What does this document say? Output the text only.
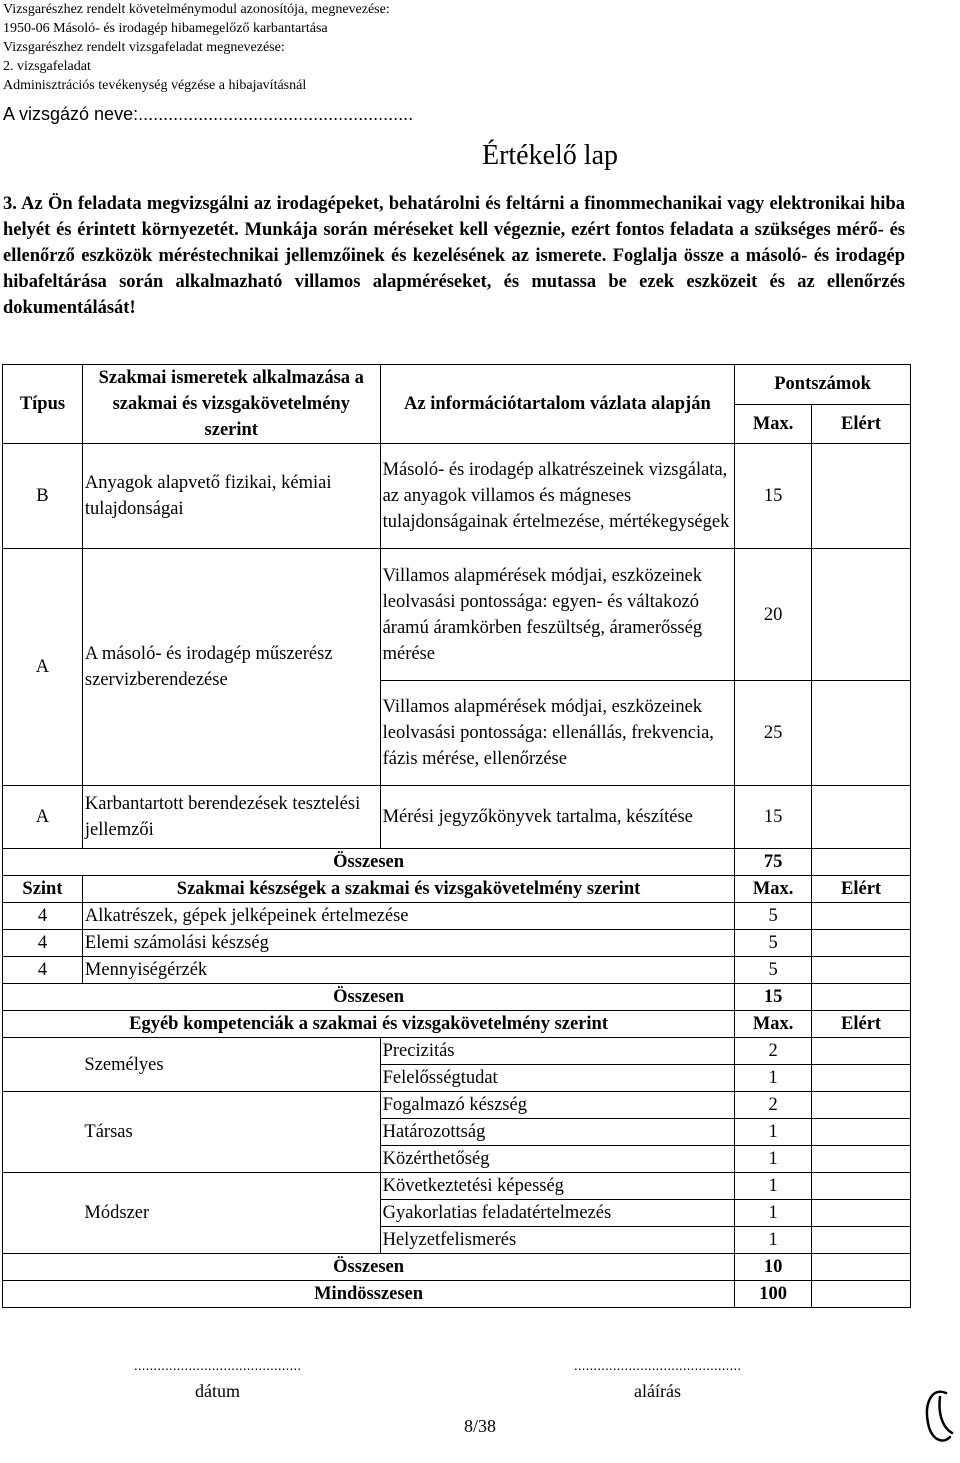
Vizsgarészhez rendelt követelménymodul azonosítója, megnevezése:
1950-06 Másoló- és irodagép hibamegelőző karbantartása
Vizsgarészhez rendelt vizsgafeladat megnevezése:
2. vizsgafeladat
Adminisztrációs tevékenység végzése a hibajavításnál
A vizsgázó neve:.......................................................
Értékelő lap
3. Az Ön feladata megvizsgálni az irodagépeket, behatárolni és feltárni a finommechanikai vagy elektronikai hiba helyét és érintett környezetét. Munkája során méréseket kell végeznie, ezért fontos feladata a szükséges mérő- és ellenőrző eszközök méréstechnikai jellemzőinek és kezelésének az ismerete. Foglalja össze a másoló- és irodagép hibafeltárása során alkalmazható villamos alapméréseket, és mutassa be ezek eszközeit és az ellenőrzés dokumentálását!
Típus	Szakmai ismeretek alkalmazása a szakmai és vizsgakövetelmény szerint	Az információtartalom vázlata alapján	Pontszámok	
			Max.	Elért
B	Anyagok alapvető fizikai, kémiai tulajdonságai	Másoló- és irodagép alkatrészeinek vizsgálata, az anyagok villamos és mágneses tulajdonságainak értelmezése, mértékegységek	15	
A	A másoló- és irodagép műszerész szervizberendezése	Villamos alapmérések módjai, eszközeinek leolvasási pontossága: egyen- és váltakozó áramú áramkörben feszültség, áramerősség mérése	20	
		Villamos alapmérések módjai, eszközeinek leolvasási pontossága: ellenállás, frekvencia, fázis mérése, ellenőrzése	25	
A	Karbantartott berendezések tesztelési jellemzői	Mérési jegyzőkönyvek tartalma, készítése	15	
Összesen			75	
Szint	Szakmai készségek a szakmai és vizsgakövetelmény szerint		Max.	Elért
4	Alkatrészek, gépek jelképeinek értelmezése		5	
4	Elemi számolási készség		5	
4	Mennyiségérzék		5	
Összesen			15	
Egyéb kompetenciák a szakmai és vizsgakövetelmény szerint			Max.	Elért
	Személyes	Precizitás	2	
		Felelősségtudat	1	
	Társas	Fogalmazó készség	2	
		Határozottság	1	
		Közérthetőség	1	
	Módszer	Következtetési képesség	1	
		Gyakorlatias feladatértelmezés	1	
		Helyzetfelismerés	1	
Összesen			10	
Mindösszesen			100	
...........................................
dátum
...........................................
aláírás
8/38
